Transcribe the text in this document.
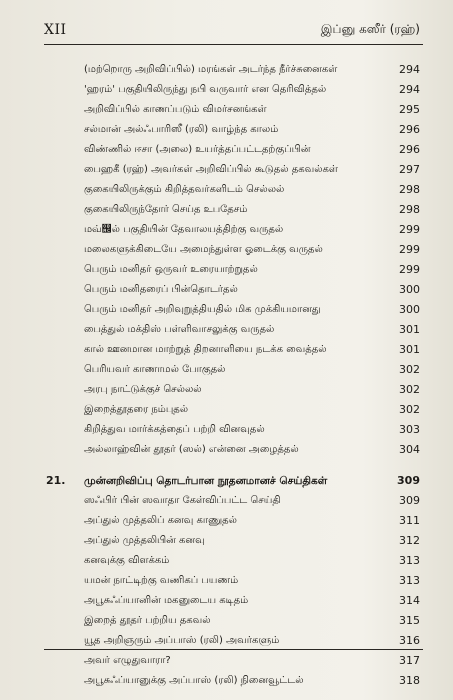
XII	இப்னு கஸீர் (ரஹ்)
(மற்றொரு அறிவிப்பில்) மரங்கள் அடர்ந்த நீர்ச்சுனைகள்	294
'ஹரம்' பகுதியிலிருந்து நபி வருவார் என தெரிவித்தல்	294
அறிவிப்பில் காணப்படும் விமர்சனங்கள்	295
சல்மான் அல்ஃபாரிஸீ (ரலி) வாழ்ந்த காலம்	296
விண்ணில் ஈசா (அலை) உயர்த்தப்பட்டதற்குப்பின்	296
பைஹகீ (ரஹ்) அவர்கள் அறிவிப்பில் கூடுதல் தகவல்கள்	297
குகையிலிருக்கும் கிறித்தவர்களிடம் செல்லல்	298
குகையிலிருந்தோர் செய்த உபதேசம்	298
மவ்஬ல் பகுதியின் தேவாலயத்திற்கு வருதல்	299
மலைகளுக்கிடையே அமைந்துள்ள ஓடைக்கு வருதல்	299
பெரும் மனிதர் ஒருவர் உரையாற்றுதல்	299
பெரும் மனிதரைப் பின்தொடர்தல்	300
பெரும் மனிதர் அறிவுறுத்தியதில் மிக முக்கியமானது	300
பைத்துல் மக்திஸ் பள்ளிவாசலுக்கு வருதல்	301
கால் ஊனமான மாற்றுத் திறனாளியை நடக்க வைத்தல்	301
பெரியவர் காணாமல் போகுதல்	302
அரபு நாட்டுக்குச் செல்லல்	302
இறைத்தூதரை நம்புதல்	302
கிறித்துவ மார்க்கத்தைப் பற்றி வினவுதல்	303
அல்லாஹ்வின் தூதர் (ஸல்) என்னை அழைத்தல்	304
21. முன்னறிவிப்பு தொடர்பான நூதனமானச் செய்திகள்	309
ஸஃபிர் பின் ஸவாதா கேள்விப்பட்ட செய்தி	309
அப்துல் முத்தலிப் கனவு காணுதல்	311
அப்துல் முத்தலிபின் கனவு	312
கனவுக்கு விளக்கம்	313
யமன் நாட்டிற்கு வணிகப் பயணம்	313
அபூசுஃப்யானின் மகனுடைய கடிதம்	314
இறைத் தூதர் பற்றிய தகவல்	315
யூத அறிஞரும் அப்பாஸ் (ரலி) அவர்களும்	316
அவர் எழுதுவாரா?	317
அபூசுஃப்யானுக்கு அப்பாஸ் (ரலி) நினைவூட்டல்	318
